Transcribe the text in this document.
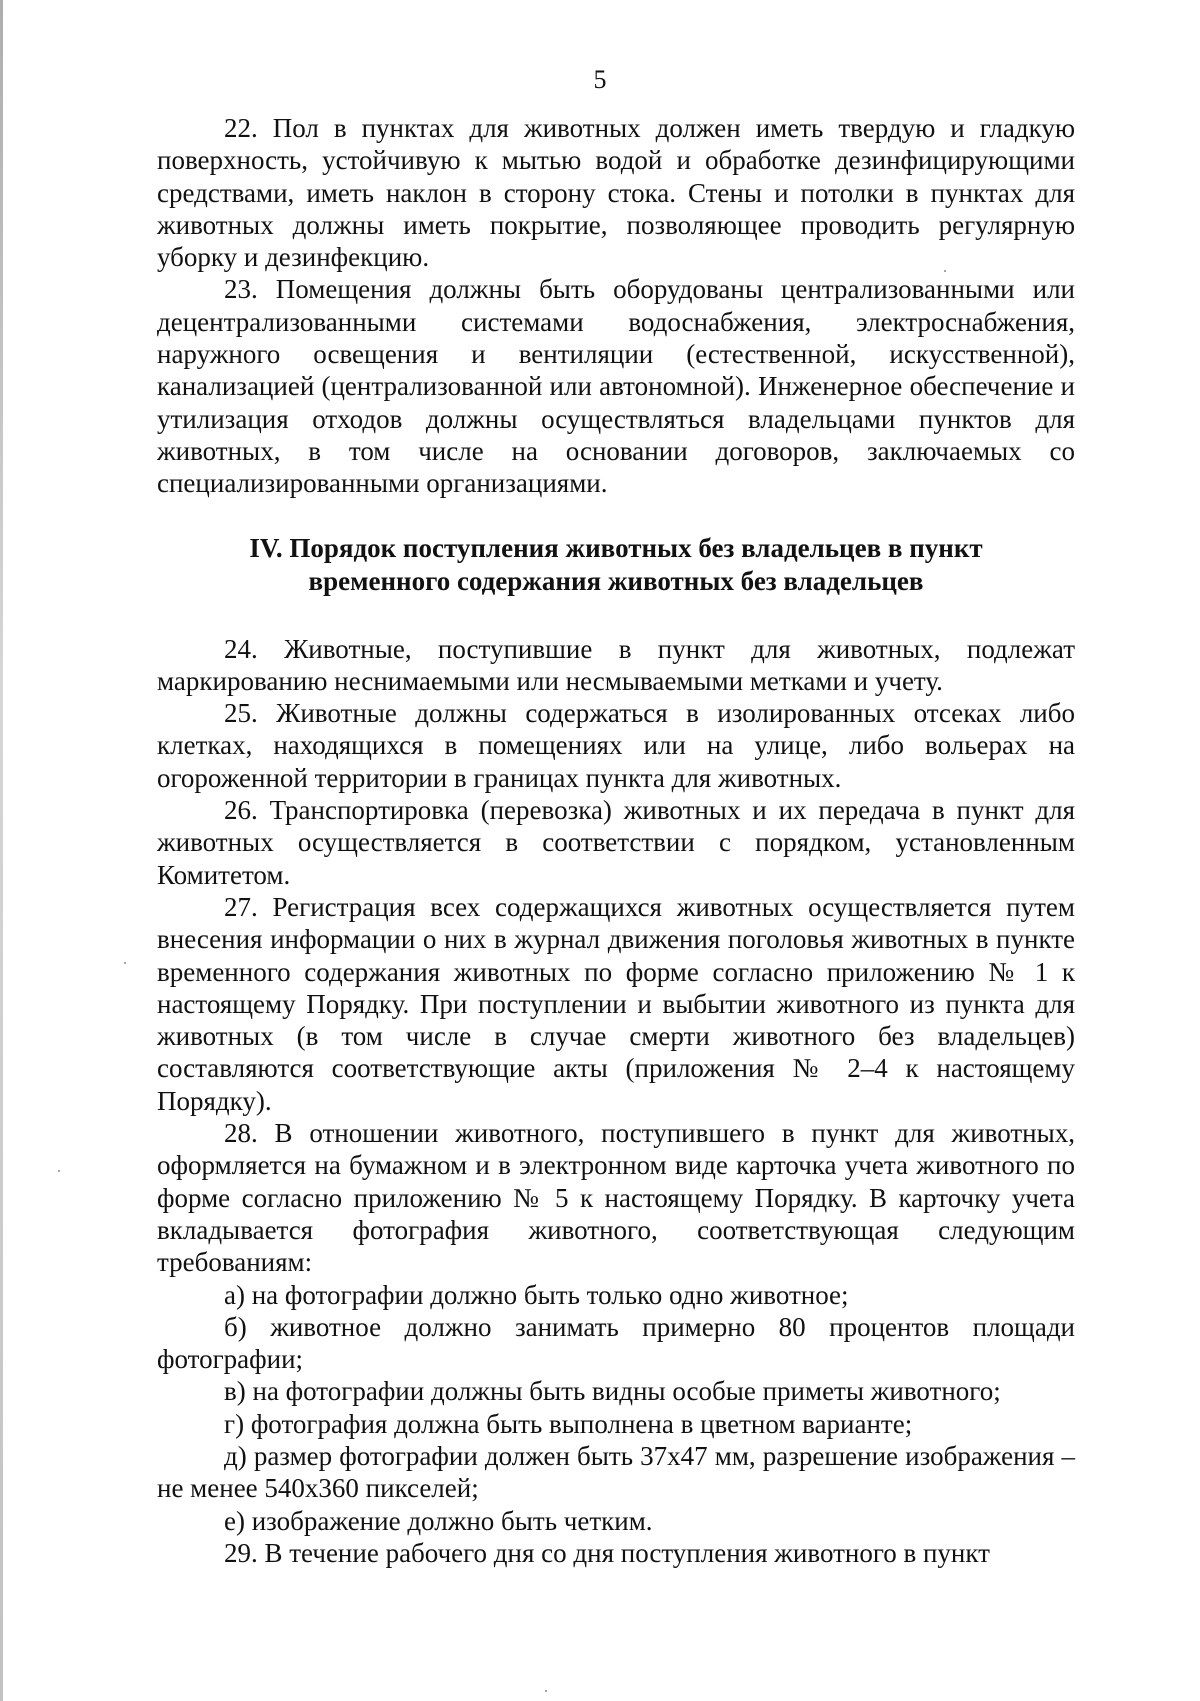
5

22. Пол в пунктах для животных должен иметь твердую и гладкую поверхность, устойчивую к мытью водой и обработке дезинфицирующими средствами, иметь наклон в сторону стока. Стены и потолки в пунктах для животных должны иметь покрытие, позволяющее проводить регулярную уборку и дезинфекцию.

23. Помещения должны быть оборудованы централизованными или децентрализованными системами водоснабжения, электроснабжения, наружного освещения и вентиляции (естественной, искусственной), канализацией (централизованной или автономной). Инженерное обеспечение и утилизация отходов должны осуществляться владельцами пунктов для животных, в том числе на основании договоров, заключаемых со специализированными организациями.

IV. Порядок поступления животных без владельцев в пункт
временного содержания животных без владельцев

24. Животные, поступившие в пункт для животных, подлежат маркированию неснимаемыми или несмываемыми метками и учету.

25. Животные должны содержаться в изолированных отсеках либо клетках, находящихся в помещениях или на улице, либо вольерах на огороженной территории в границах пункта для животных.

26. Транспортировка (перевозка) животных и их передача в пункт для животных осуществляется в соответствии с порядком, установленным Комитетом.

27. Регистрация всех содержащихся животных осуществляется путем внесения информации о них в журнал движения поголовья животных в пункте временного содержания животных по форме согласно приложению № 1 к настоящему Порядку. При поступлении и выбытии животного из пункта для животных (в том числе в случае смерти животного без владельцев) составляются соответствующие акты (приложения № 2–4 к настоящему Порядку).

28. В отношении животного, поступившего в пункт для животных, оформляется на бумажном и в электронном виде карточка учета животного по форме согласно приложению № 5 к настоящему Порядку. В карточку учета вкладывается фотография животного, соответствующая следующим требованиям:

а) на фотографии должно быть только одно животное;

б) животное должно занимать примерно 80 процентов площади фотографии;

в) на фотографии должны быть видны особые приметы животного;

г) фотография должна быть выполнена в цветном варианте;

д) размер фотографии должен быть 37х47 мм, разрешение изображения – не менее 540х360 пикселей;

е) изображение должно быть четким.

29. В течение рабочего дня со дня поступления животного в пункт
